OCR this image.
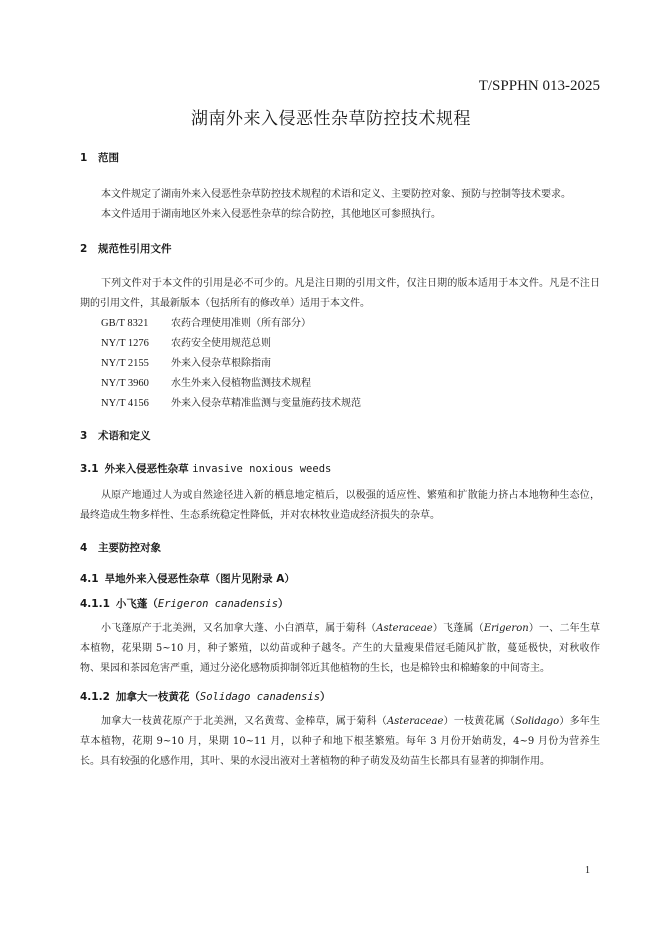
T/SPPHN 013-2025
湖南外来入侵恶性杂草防控技术规程
1 范围

本文件规定了湖南外来入侵恶性杂草防控技术规程的术语和定义、主要防控对象、预防与控制等技术要求。

本文件适用于湖南地区外来入侵恶性杂草的综合防控，其他地区可参照执行。

2 规范性引用文件

下列文件对于本文件的引用是必不可少的。凡是注日期的引用文件，仅注日期的版本适用于本文件。凡是不注日期的引用文件，其最新版本（包括所有的修改单）适用于本文件。

GB/T 8321	农药合理使用准则（所有部分）
NY/T 1276	农药安全使用规范总则
NY/T 2155	外来入侵杂草根除指南
NY/T 3960	水生外来入侵植物监测技术规程
NY/T 4156	外来入侵杂草精准监测与变量施药技术规范
3 术语和定义
3.1 外来入侵恶性杂草 invasive noxious weeds

从原产地通过人为或自然途径进入新的栖息地定植后，以极强的适应性、繁殖和扩散能力挤占本地物种生态位，最终造成生物多样性、生态系统稳定性降低，并对农林牧业造成经济损失的杂草。

4 主要防控对象
4.1 旱地外来入侵恶性杂草（图片见附录 A）
4.1.1 小飞蓬（Erigeron canadensis）

小飞蓬原产于北美洲，又名加拿大蓬、小白酒草，属于菊科（Asteraceae）飞蓬属（Erigeron）一、二年生草本植物，花果期 5~10 月，种子繁殖，以幼苗或种子越冬。产生的大量瘦果借冠毛随风扩散，蔓延极快，对秋收作物、果园和茶园危害严重，通过分泌化感物质抑制邻近其他植物的生长，也是棉铃虫和棉蝽象的中间寄主。

4.1.2 加拿大一枝黄花（Solidago canadensis）

加拿大一枝黄花原产于北美洲，又名黄莺、金棒草，属于菊科（Asteraceae）一枝黄花属（Solidago）多年生草本植物，花期 9~10 月，果期 10~11 月，以种子和地下根茎繁殖。每年 3 月份开始萌发，4~9 月份为营养生长。具有较强的化感作用，其叶、果的水浸出液对土著植物的种子萌发及幼苗生长都具有显著的抑制作用。

1
